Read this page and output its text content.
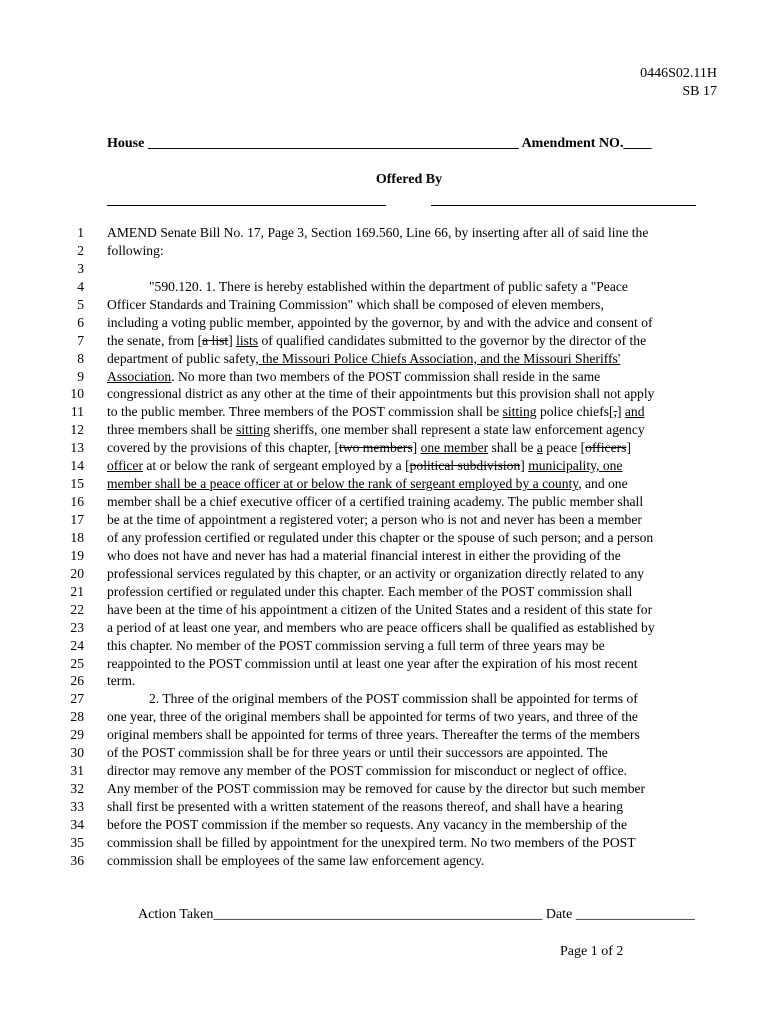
0446S02.11H
SB 17
House _____________________________________________________ Amendment NO.____
Offered By
1 AMEND Senate Bill No. 17, Page 3, Section 169.560, Line 66, by inserting after all of said line the
2 following:
3
4	"590.120. 1. There is hereby established within the department of public safety a "Peace
5 Officer Standards and Training Commission" which shall be composed of eleven members,
6 including a voting public member, appointed by the governor, by and with the advice and consent of
7 the senate, from [a list] lists of qualified candidates submitted to the governor by the director of the
8 department of public safety, the Missouri Police Chiefs Association, and the Missouri Sheriffs'
9 Association. No more than two members of the POST commission shall reside in the same
10 congressional district as any other at the time of their appointments but this provision shall not apply
11 to the public member. Three members of the POST commission shall be sitting police chiefs[,] and
12 three members shall be sitting sheriffs, one member shall represent a state law enforcement agency
13 covered by the provisions of this chapter, [two members] one member shall be a peace [officers]
14 officer at or below the rank of sergeant employed by a [political subdivision] municipality, one
15 member shall be a peace officer at or below the rank of sergeant employed by a county, and one
16 member shall be a chief executive officer of a certified training academy. The public member shall
17 be at the time of appointment a registered voter; a person who is not and never has been a member
18 of any profession certified or regulated under this chapter or the spouse of such person; and a person
19 who does not have and never has had a material financial interest in either the providing of the
20 professional services regulated by this chapter, or an activity or organization directly related to any
21 profession certified or regulated under this chapter. Each member of the POST commission shall
22 have been at the time of his appointment a citizen of the United States and a resident of this state for
23 a period of at least one year, and members who are peace officers shall be qualified as established by
24 this chapter. No member of the POST commission serving a full term of three years may be
25 reappointed to the POST commission until at least one year after the expiration of his most recent
26 term.
27	2. Three of the original members of the POST commission shall be appointed for terms of
28 one year, three of the original members shall be appointed for terms of two years, and three of the
29 original members shall be appointed for terms of three years. Thereafter the terms of the members
30 of the POST commission shall be for three years or until their successors are appointed. The
31 director may remove any member of the POST commission for misconduct or neglect of office.
32 Any member of the POST commission may be removed for cause by the director but such member
33 shall first be presented with a written statement of the reasons thereof, and shall have a hearing
34 before the POST commission if the member so requests. Any vacancy in the membership of the
35 commission shall be filled by appointment for the unexpired term. No two members of the POST
36 commission shall be employees of the same law enforcement agency.
Action Taken_______________________________________________ Date _________________
Page 1 of 2
